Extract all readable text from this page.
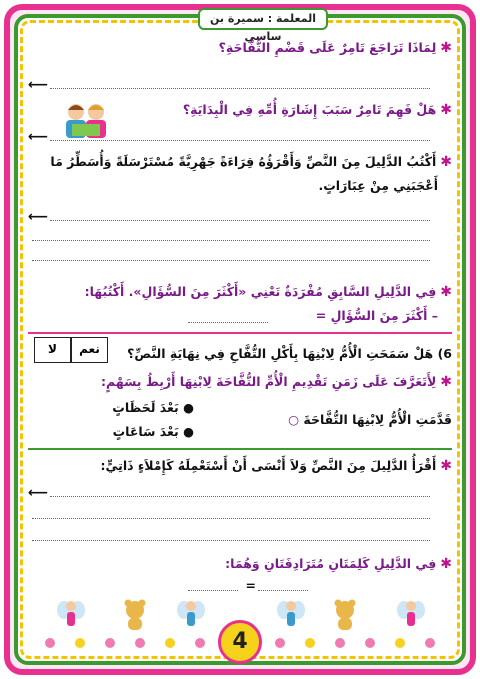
المعلمة : سميرة بن ساسي
✱لِمَاذَا تَرَاجَعَ تَامِرٌ عَلَى قَضْمِ التُّفَّاحَةِ؟
⟵
✱هَلْ فَهِمَ تَامِرٌ سَبَبَ إِشَارَةِ أُمِّهِ فِي الْبِدَايَةِ؟
⟵
✱أَكْتُبُ الدَّلِيلَ مِنَ النَّصِّ وَأَقْرَؤُهُ قِرَاءَةً جَهْرِيَّةً مُسْتَرْسَلَةً وَأُسَطِّرُ مَا
أَعْجَبَنِي مِنْ عِبَارَاتٍ.
⟵
✱فِي الدَّلِيلِ السَّابِقِ مُفْرَدَةٌ تَعْنِي «أَكْثَرَ مِنَ السُّؤَالِ». أَكْتُبُهَا:
– أَكْثَرَ مِنَ السُّؤَالِ =
لا	نعم	6) هَلْ سَمَحَتِ الْأُمُّ لِابْنِهَا بِأَكْلِ التُّفَّاحِ فِي نِهَايَةِ النَّصِّ؟
✱لِأَتَعَرَّفَ عَلَى زَمَنِ تَقْدِيمِ الْأُمِّ التُّفَّاحَةَ لِابْنِهَا أَرْبِطُ بِسَهْمٍ:
● بَعْدَ لَحَظَاتٍ
قَدَّمَتِ الْأُمُّ لِابْنِهَا التُّفَّاحَةَ ○
● بَعْدَ سَاعَاتٍ
✱أَقْرَأُ الدَّلِيلَ مِنَ النَّصِّ وَلاَ أَنْسَى أَنْ أَسْتَعْمِلَهُ كَإِمْلاَءٍ ذَاتِيٍّ:
⟵
✱فِي الدَّلِيلِ كَلِمَتَانِ مُتَرَادِفَتَانِ وَهُمَا:
=
4
